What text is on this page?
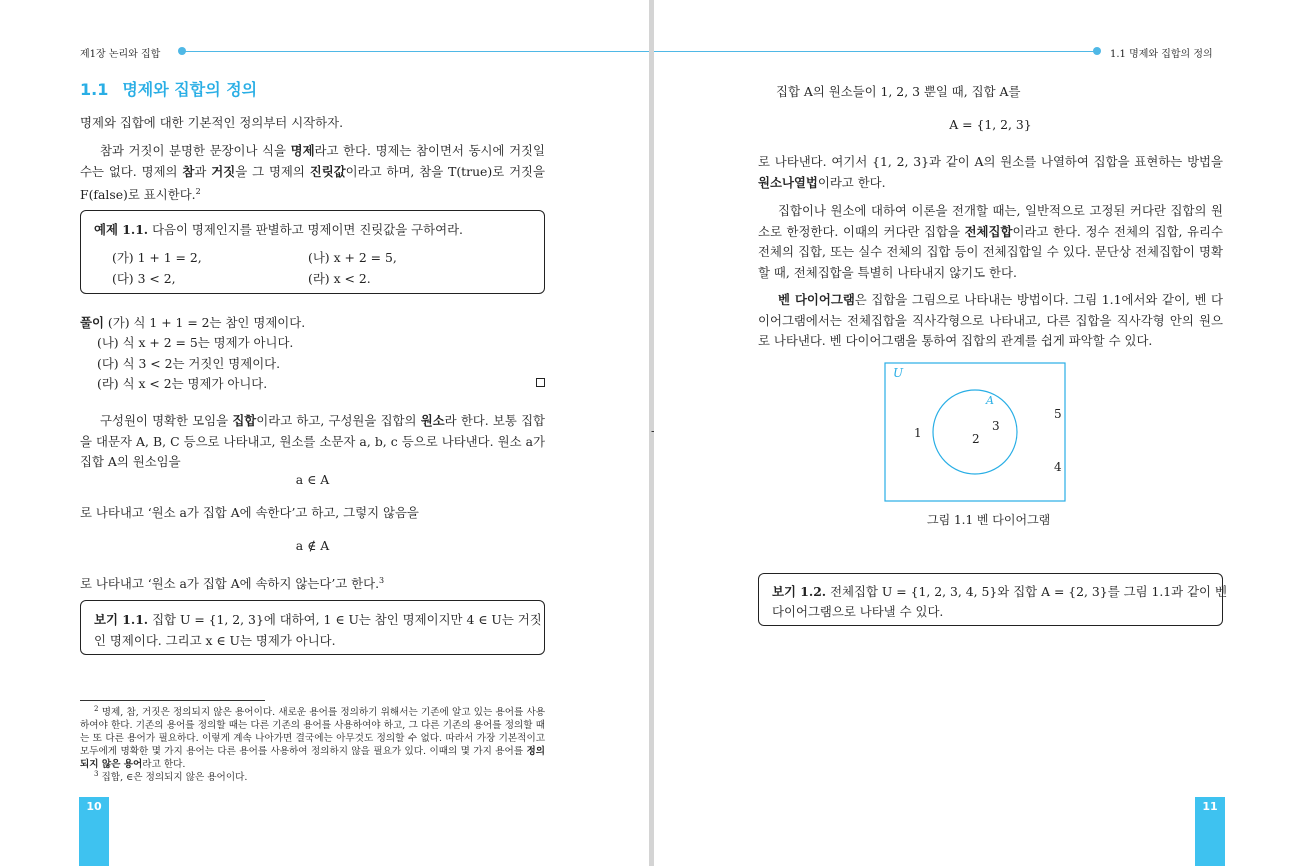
제1장 논리와 집합
1.1 명제와 집합의 정의
명제와 집합에 대한 기본적인 정의부터 시작하자.
참과 거짓이 분명한 문장이나 식을 명제라고 한다. 명제는 참이면서 동시에 거짓일 수는 없다. 명제의 참과 거짓을 그 명제의 진릿값이라고 하며, 참을 T(true)로 거짓을 F(false)로 표시한다.$^2$
예제 1.1. 다음이 명제인지를 판별하고 명제이면 진릿값을 구하여라.
(가) 1 + 1 = 2,	(나) x + 2 = 5,
(다) 3 < 2,	(라) x < 2.
풀이 (가) 식 1 + 1 = 2는 참인 명제이다.
(나) 식 x + 2 = 5는 명제가 아니다.
(다) 식 3 < 2는 거짓인 명제이다.
(라) 식 x < 2는 명제가 아니다.
구성원이 명확한 모임을 집합이라고 하고, 구성원을 집합의 원소라 한다. 보통 집합을 대문자 A, B, C 등으로 나타내고, 원소를 소문자 a, b, c 등으로 나타낸다. 원소 a가 집합 A의 원소임을
a ∈ A
로 나타내고 ‘원소 a가 집합 A에 속한다’고 하고, 그렇지 않음을
a ∉ A
로 나타내고 ‘원소 a가 집합 A에 속하지 않는다’고 한다.$^3$
보기 1.1. 집합 U = {1, 2, 3}에 대하여, 1 ∈ U는 참인 명제이지만 4 ∈ U는 거짓
인 명제이다. 그리고 x ∈ U는 명제가 아니다.
$^2$ 명제, 참, 거짓은 정의되지 않은 용어이다. 새로운 용어를 정의하기 위해서는 기존에 알고 있는 용어를 사용하여야 한다. 기존의 용어를 정의할 때는 다른 기존의 용어를 사용하여야 하고, 그 다른 기존의 용어를 정의할 때는 또 다른 용어가 필요하다. 이렇게 계속 나아가면 결국에는 아무것도 정의할 수 없다. 따라서 가장 기본적이고 모두에게 명확한 몇 가지 용어는 다른 용어를 사용하여 정의하지 않을 필요가 있다. 이때의 몇 가지 용어를 정의되지 않은 용어라고 한다.
$^3$ 집합, ∈은 정의되지 않은 용어이다.
10
1.1 명제와 집합의 정의
집합 A의 원소들이 1, 2, 3 뿐일 때, 집합 A를
A = {1, 2, 3}
로 나타낸다. 여기서 {1, 2, 3}과 같이 A의 원소를 나열하여 집합을 표현하는 방법을 원소나열법이라고 한다.
집합이나 원소에 대하여 이론을 전개할 때는, 일반적으로 고정된 커다란 집합의 원소로 한정한다. 이때의 커다란 집합을 전체집합이라고 한다. 정수 전체의 집합, 유리수 전체의 집합, 또는 실수 전체의 집합 등이 전체집합일 수 있다. 문단상 전체집합이 명확할 때, 전체집합을 특별히 나타내지 않기도 한다.
벤 다이어그램은 집합을 그림으로 나타내는 방법이다. 그림 1.1에서와 같이, 벤 다이어그램에서는 전체집합을 직사각형으로 나타내고, 다른 집합을 직사각형 안의 원으로 나타낸다. 벤 다이어그램을 통하여 집합의 관계를 쉽게 파악할 수 있다.
U
A
1
5
4
2
3
그림 1.1 벤 다이어그램
보기 1.2. 전체집합 U = {1, 2, 3, 4, 5}와 집합 A = {2, 3}를 그림 1.1과 같이 벤
다이어그램으로 나타낼 수 있다.
11
